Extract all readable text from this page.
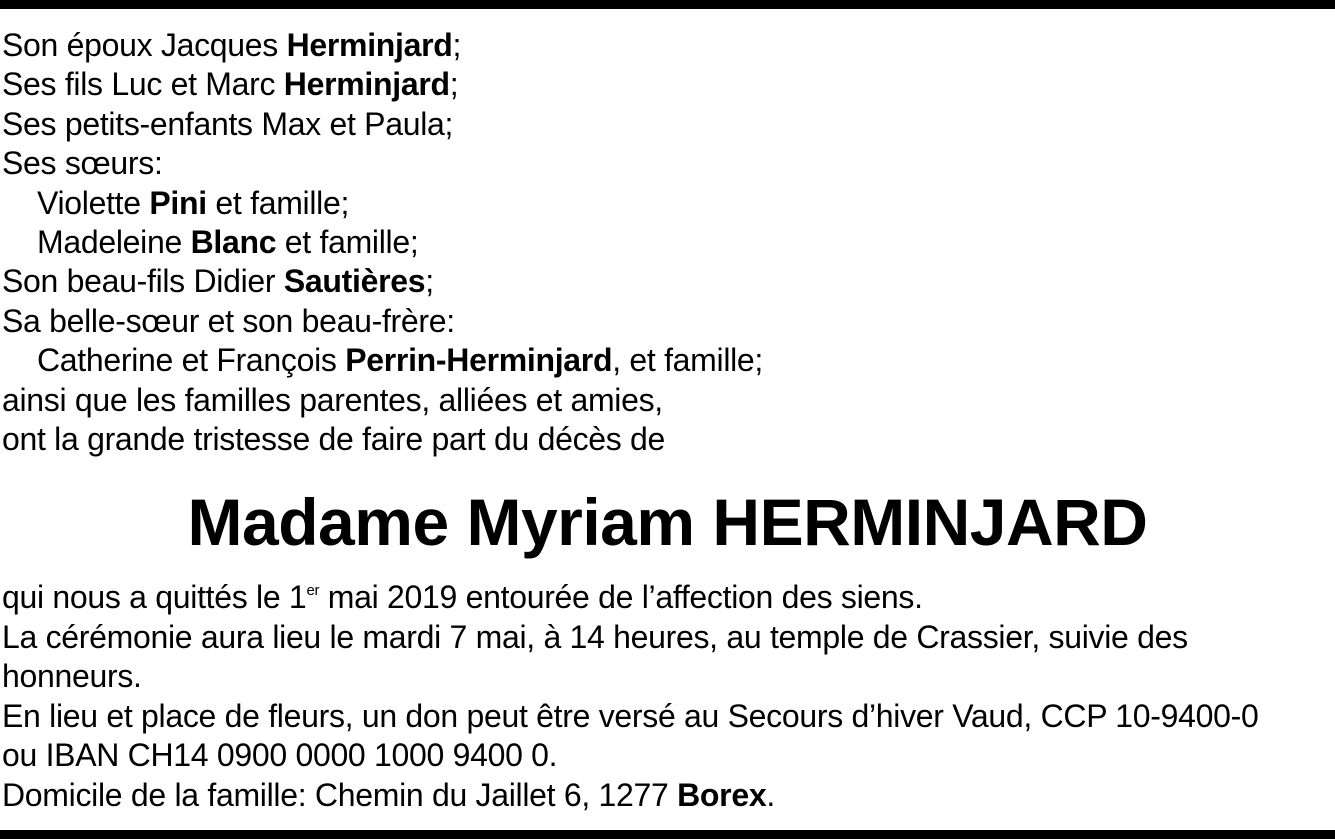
Son époux Jacques Herminjard;
Ses fils Luc et Marc Herminjard;
Ses petits-enfants Max et Paula;
Ses sœurs:
Violette Pini et famille;
Madeleine Blanc et famille;
Son beau-fils Didier Sautières;
Sa belle-sœur et son beau-frère:
Catherine et François Perrin-Herminjard, et famille;
ainsi que les familles parentes, alliées et amies,
ont la grande tristesse de faire part du décès de
Madame Myriam HERMINJARD
qui nous a quittés le 1er mai 2019 entourée de l’affection des siens.
La cérémonie aura lieu le mardi 7 mai, à 14 heures, au temple de Crassier, suivie des
honneurs.
En lieu et place de fleurs, un don peut être versé au Secours d’hiver Vaud, CCP 10-9400-0
ou IBAN CH14 0900 0000 1000 9400 0.
Domicile de la famille: Chemin du Jaillet 6, 1277 Borex.
